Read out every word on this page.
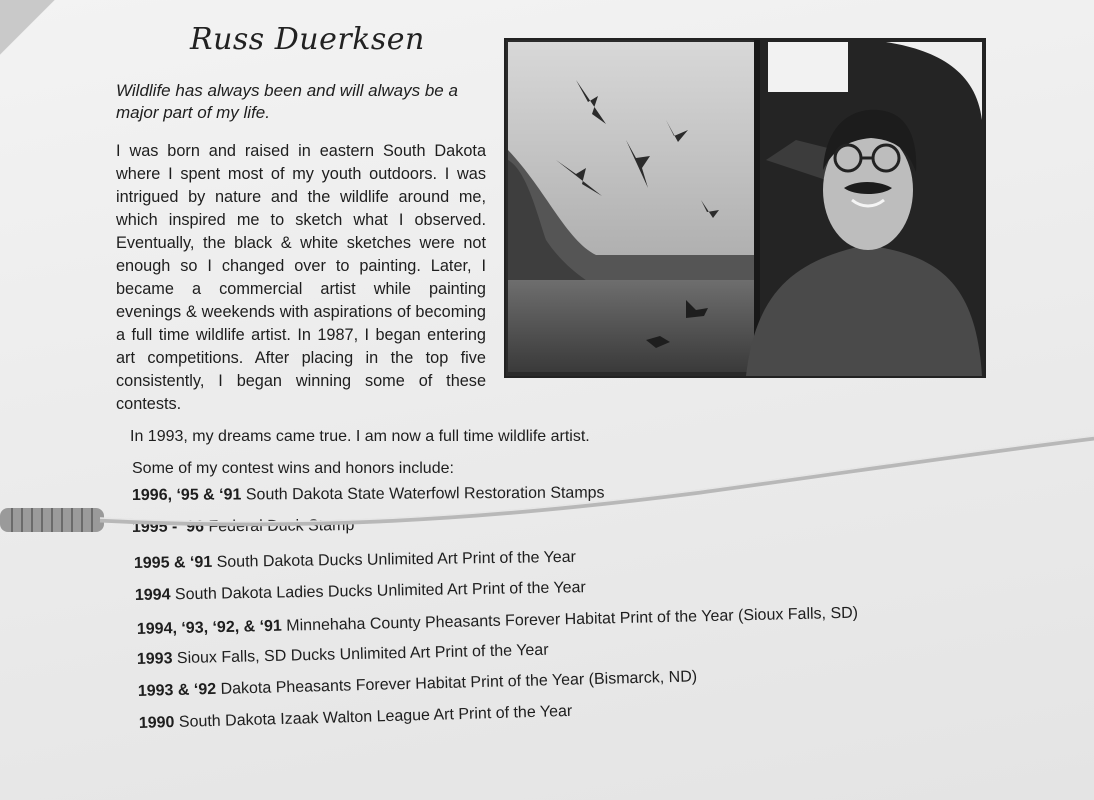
Russ Duerksen
Wildlife has always been and will always be a major part of my life.
I was born and raised in eastern South Dakota where I spent most of my youth outdoors. I was intrigued by nature and the wildlife around me, which inspired me to sketch what I observed. Eventually, the black & white sketches were not enough so I changed over to painting. Later, I became a commercial artist while painting evenings & weekends with aspirations of becoming a full time wildlife artist. In 1987, I began entering art competitions. After placing in the top five consistently, I began winning some of these contests.
In 1993, my dreams came true. I am now a full time wildlife artist.
Some of my contest wins and honors include:
1996, ‘95 & ‘91 South Dakota State Waterfowl Restoration Stamps
1995 - ‘96 Federal Duck Stamp
1995 & ‘91 South Dakota Ducks Unlimited Art Print of the Year
1994 South Dakota Ladies Ducks Unlimited Art Print of the Year
1994, ‘93, ‘92, & ‘91 Minnehaha County Pheasants Forever Habitat Print of the Year (Sioux Falls, SD)
1993 Sioux Falls, SD Ducks Unlimited Art Print of the Year
1993 & ‘92 Dakota Pheasants Forever Habitat Print of the Year (Bismarck, ND)
1990 South Dakota Izaak Walton League Art Print of the Year
